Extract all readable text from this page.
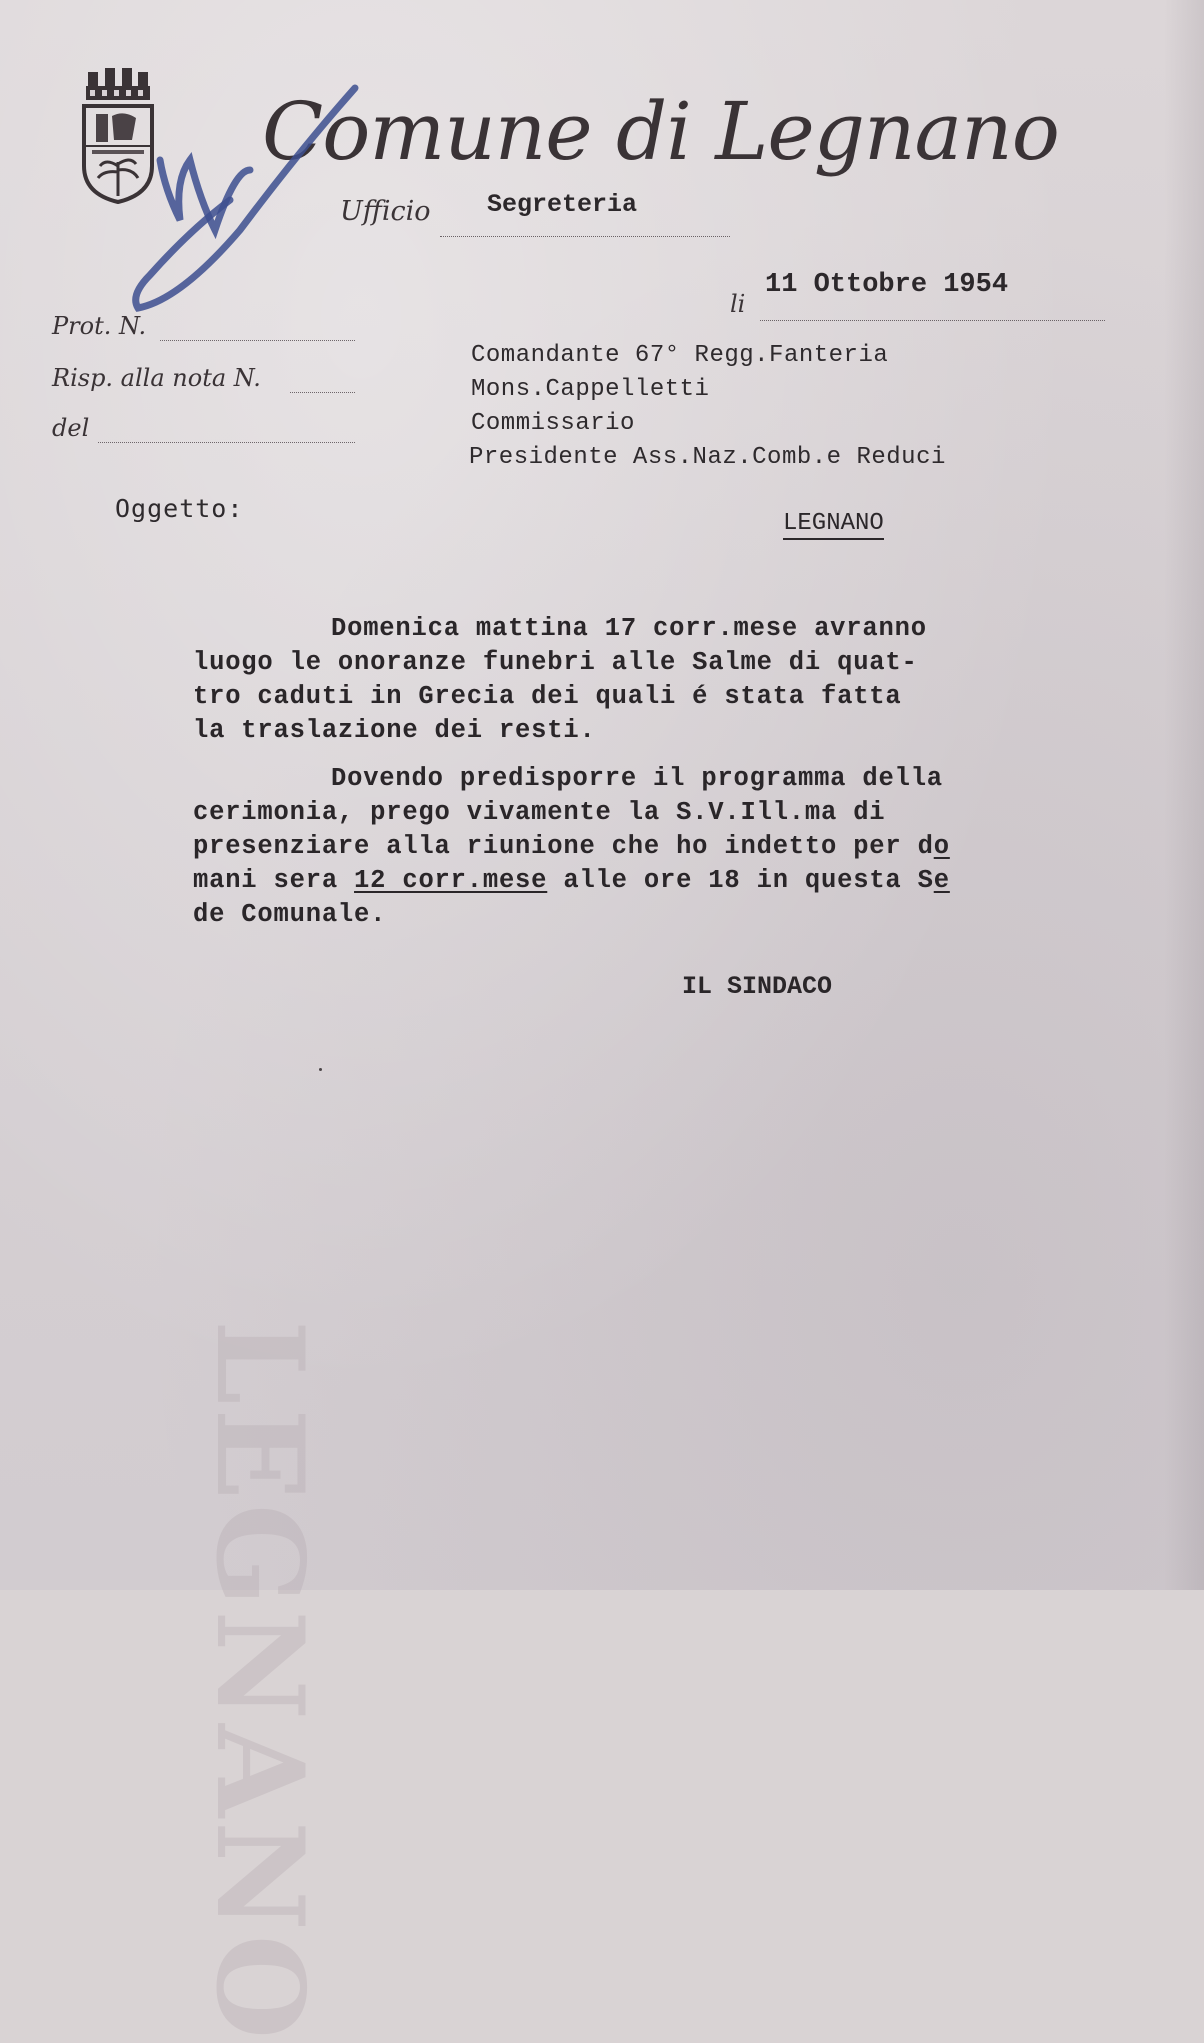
LEGNANO
Comune di Legnano
Ufficio Segreteria
li
11 Ottobre 1954
Prot. N.
Risp. alla nota N.
del
Comandante 67° Regg.Fanteria
Mons.Cappelletti
Commissario
Presidente Ass.Naz.Comb.e Reduci
Oggetto:
LEGNANO
Domenica mattina 17 corr.mese avranno
luogo le onoranze funebri alle Salme di quat-
tro caduti in Grecia dei quali é stata fatta
la traslazione dei resti.
Dovendo predisporre il programma della
cerimonia, prego vivamente la S.V.Ill.ma di
presenziare alla riunione che ho indetto per do
mani sera 12 corr.mese alle ore 18 in questa Se
de Comunale.
IL SINDACO
